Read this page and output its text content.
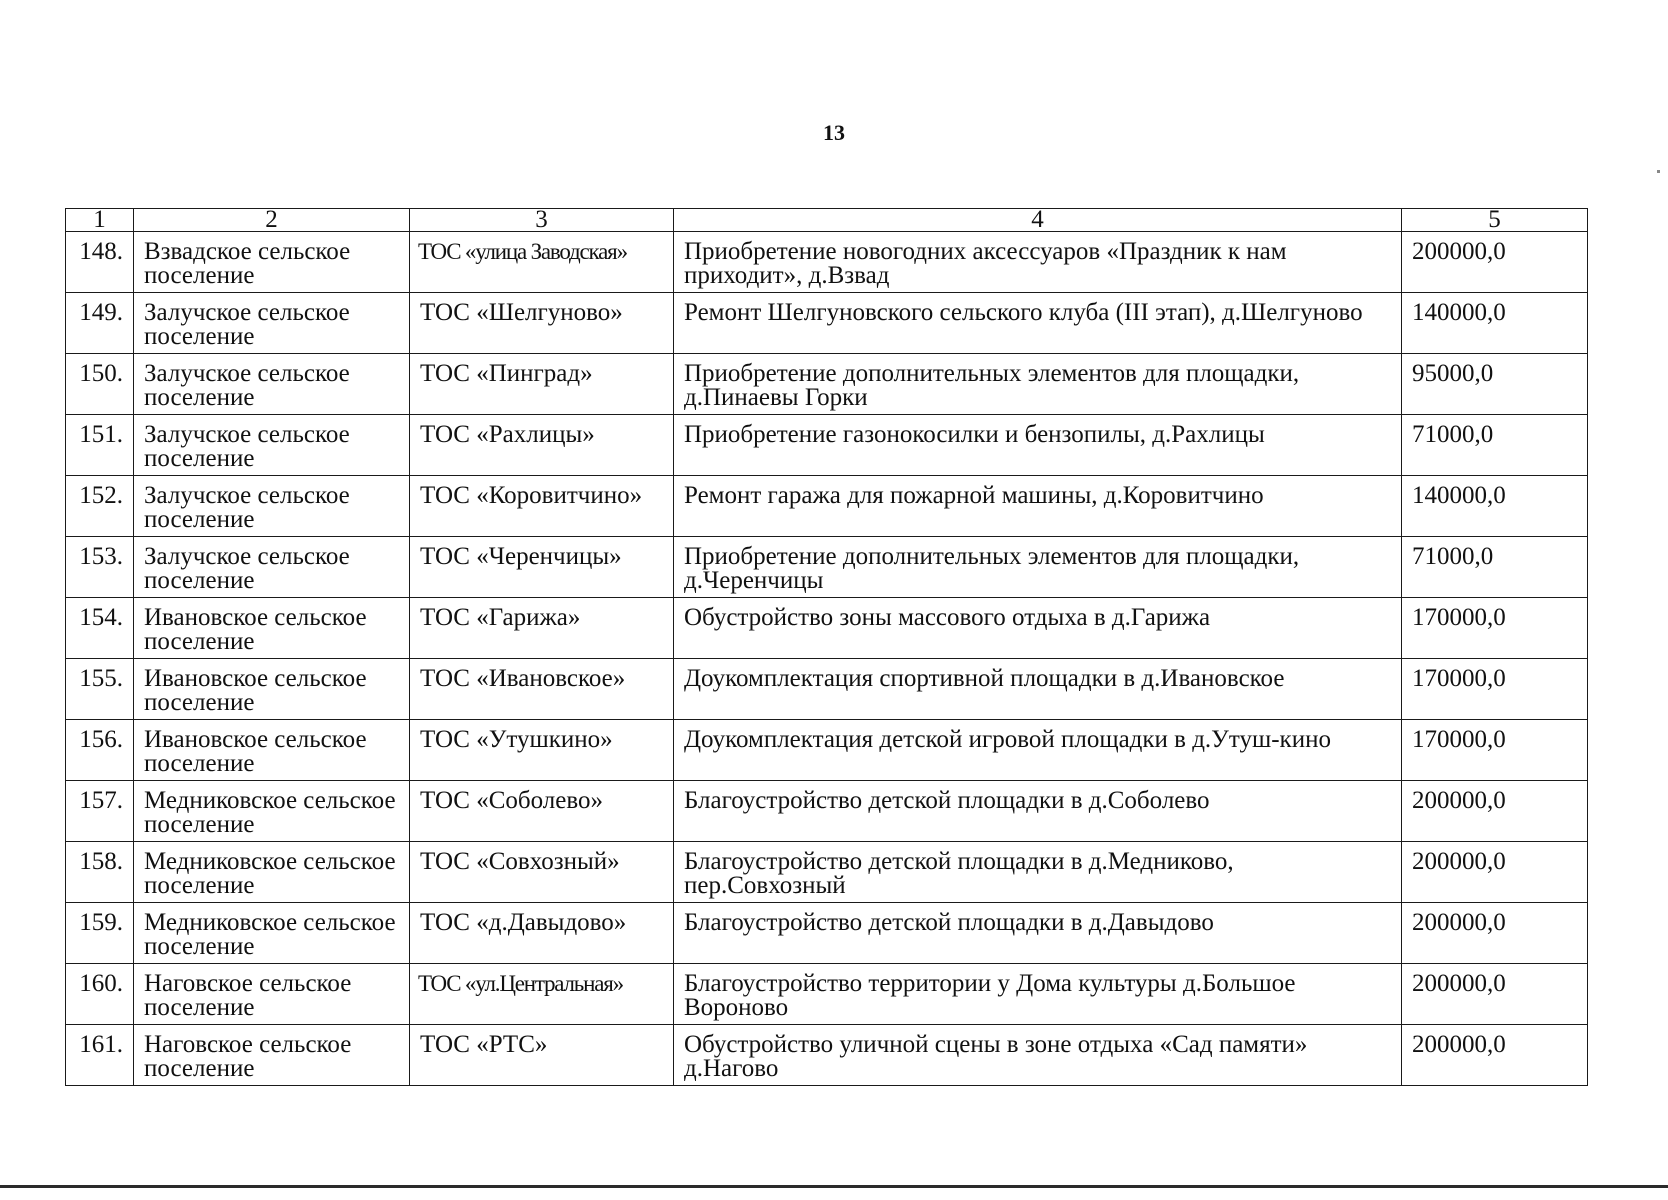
13
1	2	3	4	5
148.	Взвадское сельское поселение	ТОС «улица Заводская»	Приобретение новогодних аксессуаров «Праздник к нам приходит», д.Взвад	200000,0
149.	Залучское сельское поселение	ТОС «Шелгуново»	Ремонт Шелгуновского сельского клуба (III этап), д.Шелгуново	140000,0
150.	Залучское сельское поселение	ТОС «Пинград»	Приобретение дополнительных элементов для площадки, д.Пинаевы Горки	95000,0
151.	Залучское сельское поселение	ТОС «Рахлицы»	Приобретение газонокосилки и бензопилы, д.Рахлицы	71000,0
152.	Залучское сельское поселение	ТОС «Коровитчино»	Ремонт гаража для пожарной машины, д.Коровитчино	140000,0
153.	Залучское сельское поселение	ТОС «Черенчицы»	Приобретение дополнительных элементов для площадки, д.Черенчицы	71000,0
154.	Ивановское сельское поселение	ТОС «Гарижа»	Обустройство зоны массового отдыха в д.Гарижа	170000,0
155.	Ивановское сельское поселение	ТОС «Ивановское»	Доукомплектация спортивной площадки в д.Ивановское	170000,0
156.	Ивановское сельское поселение	ТОС «Утушкино»	Доукомплектация детской игровой площадки в д.Утуш-кино	170000,0
157.	Медниковское сельское поселение	ТОС «Соболево»	Благоустройство детской площадки в д.Соболево	200000,0
158.	Медниковское сельское поселение	ТОС «Совхозный»	Благоустройство детской площадки в д.Медниково, пер.Совхозный	200000,0
159.	Медниковское сельское поселение	ТОС «д.Давыдово»	Благоустройство детской площадки в д.Давыдово	200000,0
160.	Наговское сельское поселение	ТОС «ул.Центральная»	Благоустройство территории у Дома культуры д.Большое Вороново	200000,0
161.	Наговское сельское поселение	ТОС «РТС»	Обустройство уличной сцены в зоне отдыха «Сад памяти» д.Нагово	200000,0
